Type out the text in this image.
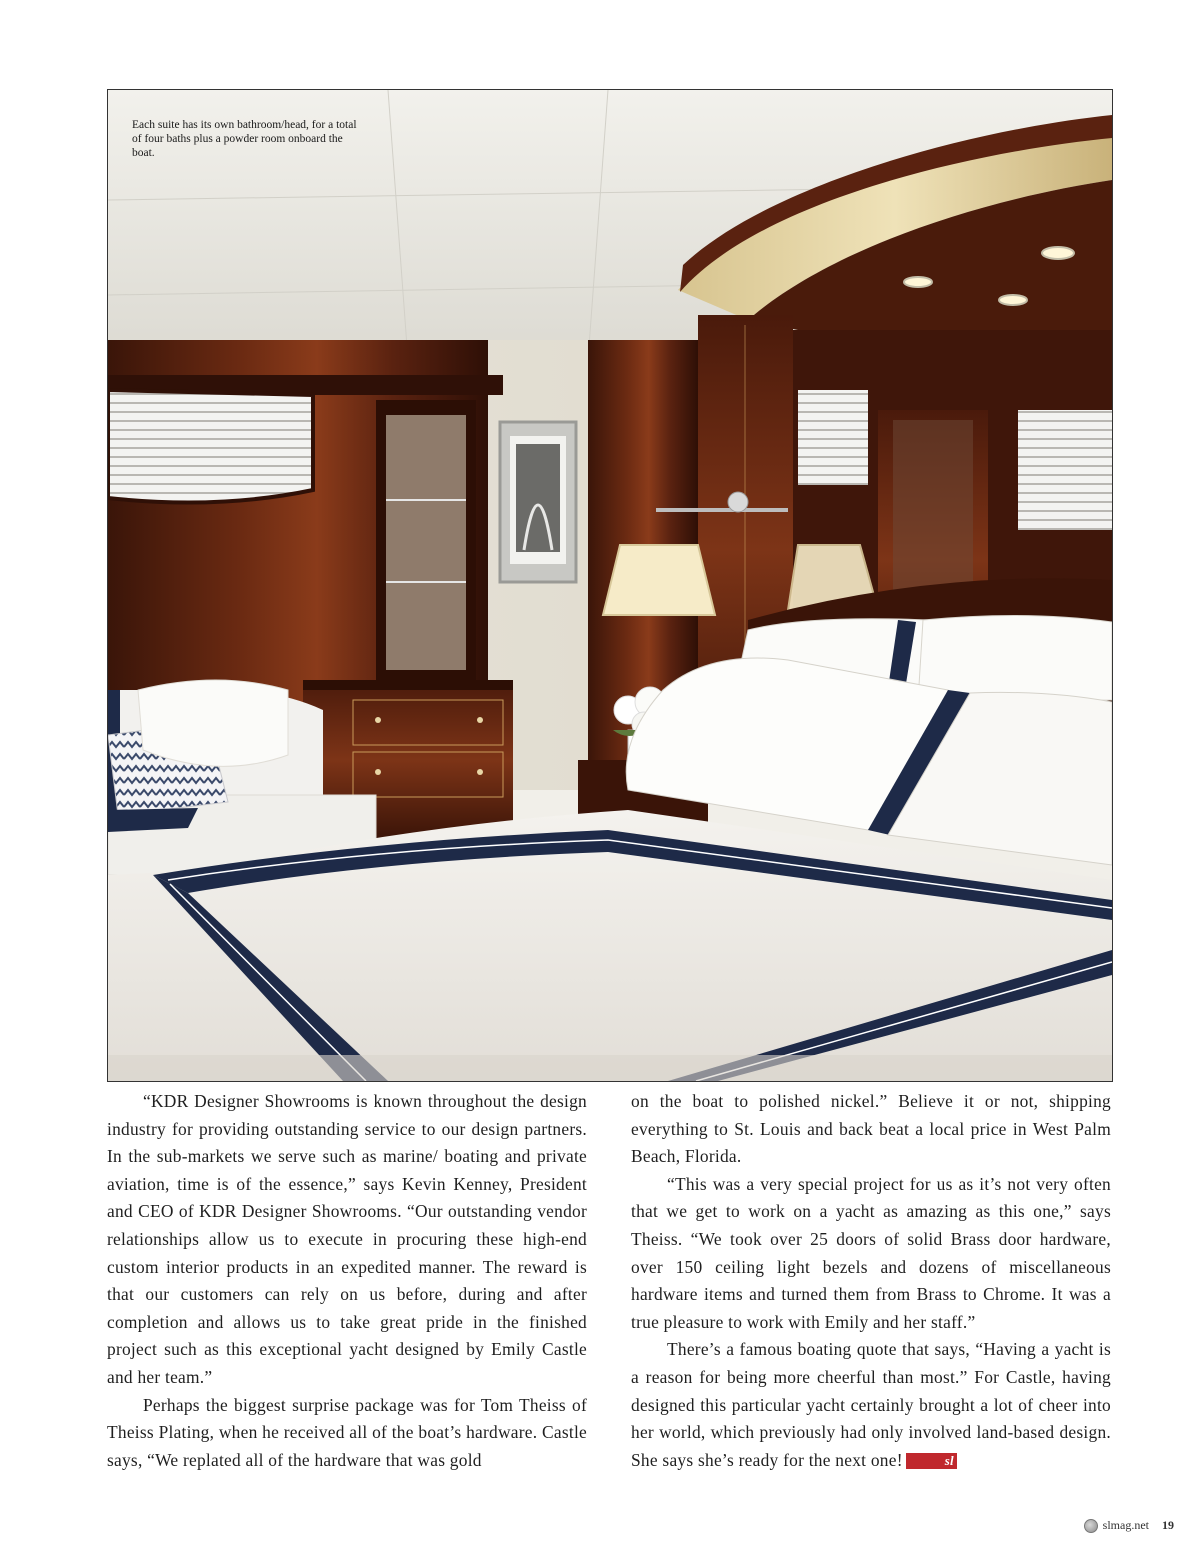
Each suite has its own bathroom/head, for a total of four baths plus a powder room onboard the boat.

“KDR Designer Showrooms is known throughout the design industry for providing outstanding service to our design partners. In the sub-markets we serve such as marine/ boating and private aviation, time is of the essence,” says Kevin Kenney, President and CEO of KDR Designer Showrooms. “Our outstanding vendor relationships allow us to execute in procuring these high-end custom interior products in an expedited manner. The reward is that our customers can rely on us before, during and after completion and allows us to take great pride in the finished project such as this exceptional yacht designed by Emily Castle and her team.”

Perhaps the biggest surprise package was for Tom Theiss of Theiss Plating, when he received all of the boat’s hardware. Castle says, “We replated all of the hardware that was gold

on the boat to polished nickel.” Believe it or not, shipping everything to St. Louis and back beat a local price in West Palm Beach, Florida.

“This was a very special project for us as it’s not very often that we get to work on a yacht as amazing as this one,” says Theiss. “We took over 25 doors of solid Brass door hardware, over 150 ceiling light bezels and dozens of miscellaneous hardware items and turned them from Brass to Chrome. It was a true pleasure to work with Emily and her staff.”

There’s a famous boating quote that says, “Having a yacht is a reason for being more cheerful than most.” For Castle, having designed this particular yacht certainly brought a lot of cheer into her world, which previously had only involved land-based design. She says she’s ready for the next one!	sl

slmag.net 19
